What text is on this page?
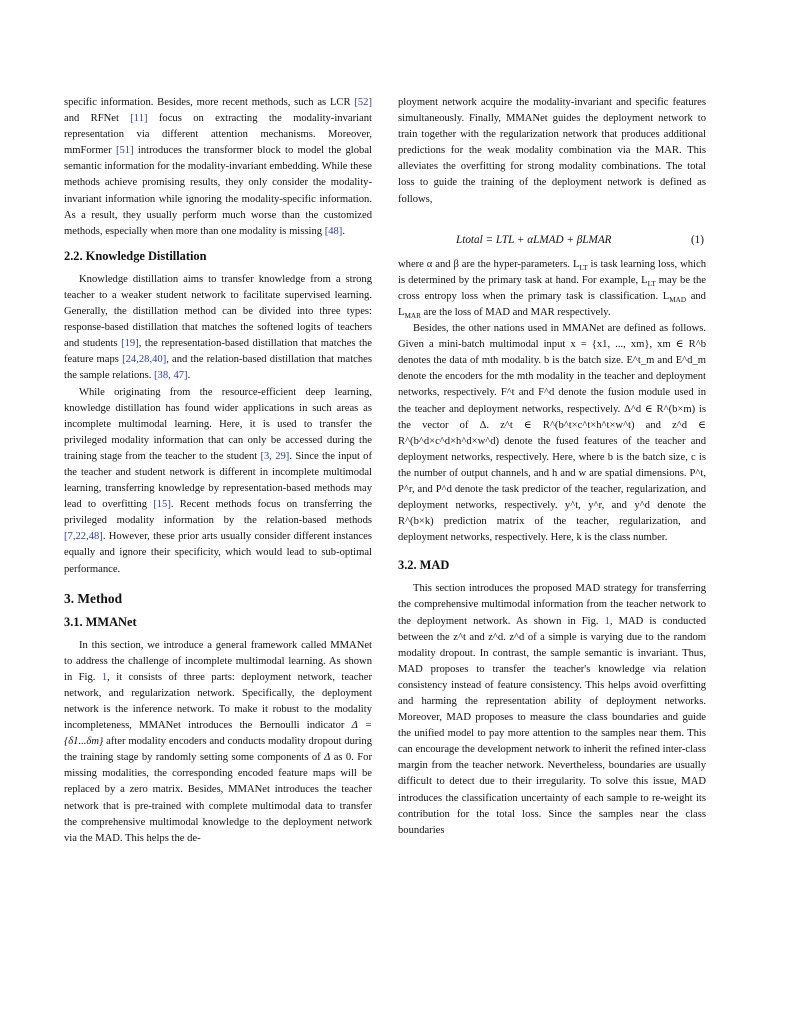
specific information. Besides, more recent methods, such as LCR [52] and RFNet [11] focus on extracting the modality-invariant representation via different attention mechanisms. Moreover, mmFormer [51] introduces the transformer block to model the global semantic information for the modality-invariant embedding. While these methods achieve promising results, they only consider the modality-invariant information while ignoring the modality-specific information. As a result, they usually perform much worse than the customized methods, especially when more than one modality is missing [48].

2.2. Knowledge Distillation

Knowledge distillation aims to transfer knowledge from a strong teacher to a weaker student network to facilitate supervised learning. Generally, the distillation method can be divided into three types: response-based distillation that matches the softened logits of teachers and students [19], the representation-based distillation that matches the feature maps [24,28,40], and the relation-based distillation that matches the sample relations. [38, 47].

While originating from the resource-efficient deep learning, knowledge distillation has found wider applications in such areas as incomplete multimodal learning. Here, it is used to transfer the privileged modality information that can only be accessed during the training stage from the teacher to the student [3, 29]. Since the input of the teacher and student network is different in incomplete multimodal learning, transferring knowledge by representation-based methods may lead to overfitting [15]. Recent methods focus on transferring the privileged modality information by the relation-based methods [7,22,48]. However, these prior arts usually consider different instances equally and ignore their specificity, which would lead to sub-optimal performance.

3. Method
3.1. MMANet

In this section, we introduce a general framework called MMANet to address the challenge of incomplete multimodal learning. As shown in Fig. 1, it consists of three parts: deployment network, teacher network, and regularization network. Specifically, the deployment network is the inference network. To make it robust to the modality incompleteness, MMANet introduces the Bernoulli indicator Δ = {δ1...δm} after modality encoders and conducts modality dropout during the training stage by randomly setting some components of Δ as 0. For missing modalities, the corresponding encoded feature maps will be replaced by a zero matrix. Besides, MMANet introduces the teacher network that is pre-trained with complete multimodal data to transfer the comprehensive multimodal knowledge to the deployment network via the MAD. This helps the de-

ployment network acquire the modality-invariant and specific features simultaneously. Finally, MMANet guides the deployment network to train together with the regularization network that produces additional predictions for the weak modality combination via the MAR. This alleviates the overfitting for strong modality combinations. The total loss to guide the training of the deployment network is defined as follows,

Ltotal = LTL + αLMAD + βLMAR	(1)

where α and β are the hyper-parameters. $L_{LT}$ is task learning loss, which is determined by the primary task at hand. For example, $L_{LT}$ may be the cross entropy loss when the primary task is classification. $L_{MAD}$ and $L_{MAR}$ are the loss of MAD and MAR respectively.

Besides, the other nations used in MMANet are defined as follows. Given a mini-batch multimodal input x = {x1, ..., xm}, xm ∈ R^b denotes the data of mth modality. b is the batch size. E^t_m and E^d_m denote the encoders for the mth modality in the teacher and deployment networks, respectively. F^t and F^d denote the fusion module used in the teacher and deployment networks, respectively. Δ^d ∈ R^(b×m) is the vector of Δ. z^t ∈ R^(b^t×c^t×h^t×w^t) and z^d ∈ R^(b^d×c^d×h^d×w^d) denote the fused features of the teacher and deployment networks, respectively. Here, where b is the batch size, c is the number of output channels, and h and w are spatial dimensions. P^t, P^r, and P^d denote the task predictor of the teacher, regularization, and deployment networks, respectively. y^t, y^r, and y^d denote the R^(b×k) prediction matrix of the teacher, regularization, and deployment networks, respectively. Here, k is the class number.

3.2. MAD

This section introduces the proposed MAD strategy for transferring the comprehensive multimodal information from the teacher network to the deployment network. As shown in Fig. 1, MAD is conducted between the z^t and z^d. z^d of a simple is varying due to the random modality dropout. In contrast, the sample semantic is invariant. Thus, MAD proposes to transfer the teacher's knowledge via relation consistency instead of feature consistency. This helps avoid overfitting and harming the representation ability of deployment networks. Moreover, MAD proposes to measure the class boundaries and guide the unified model to pay more attention to the samples near them. This can encourage the development network to inherit the refined inter-class margin from the teacher network. Nevertheless, boundaries are usually difficult to detect due to their irregularity. To solve this issue, MAD introduces the classification uncertainty of each sample to re-weight its contribution for the total loss. Since the samples near the class boundaries
